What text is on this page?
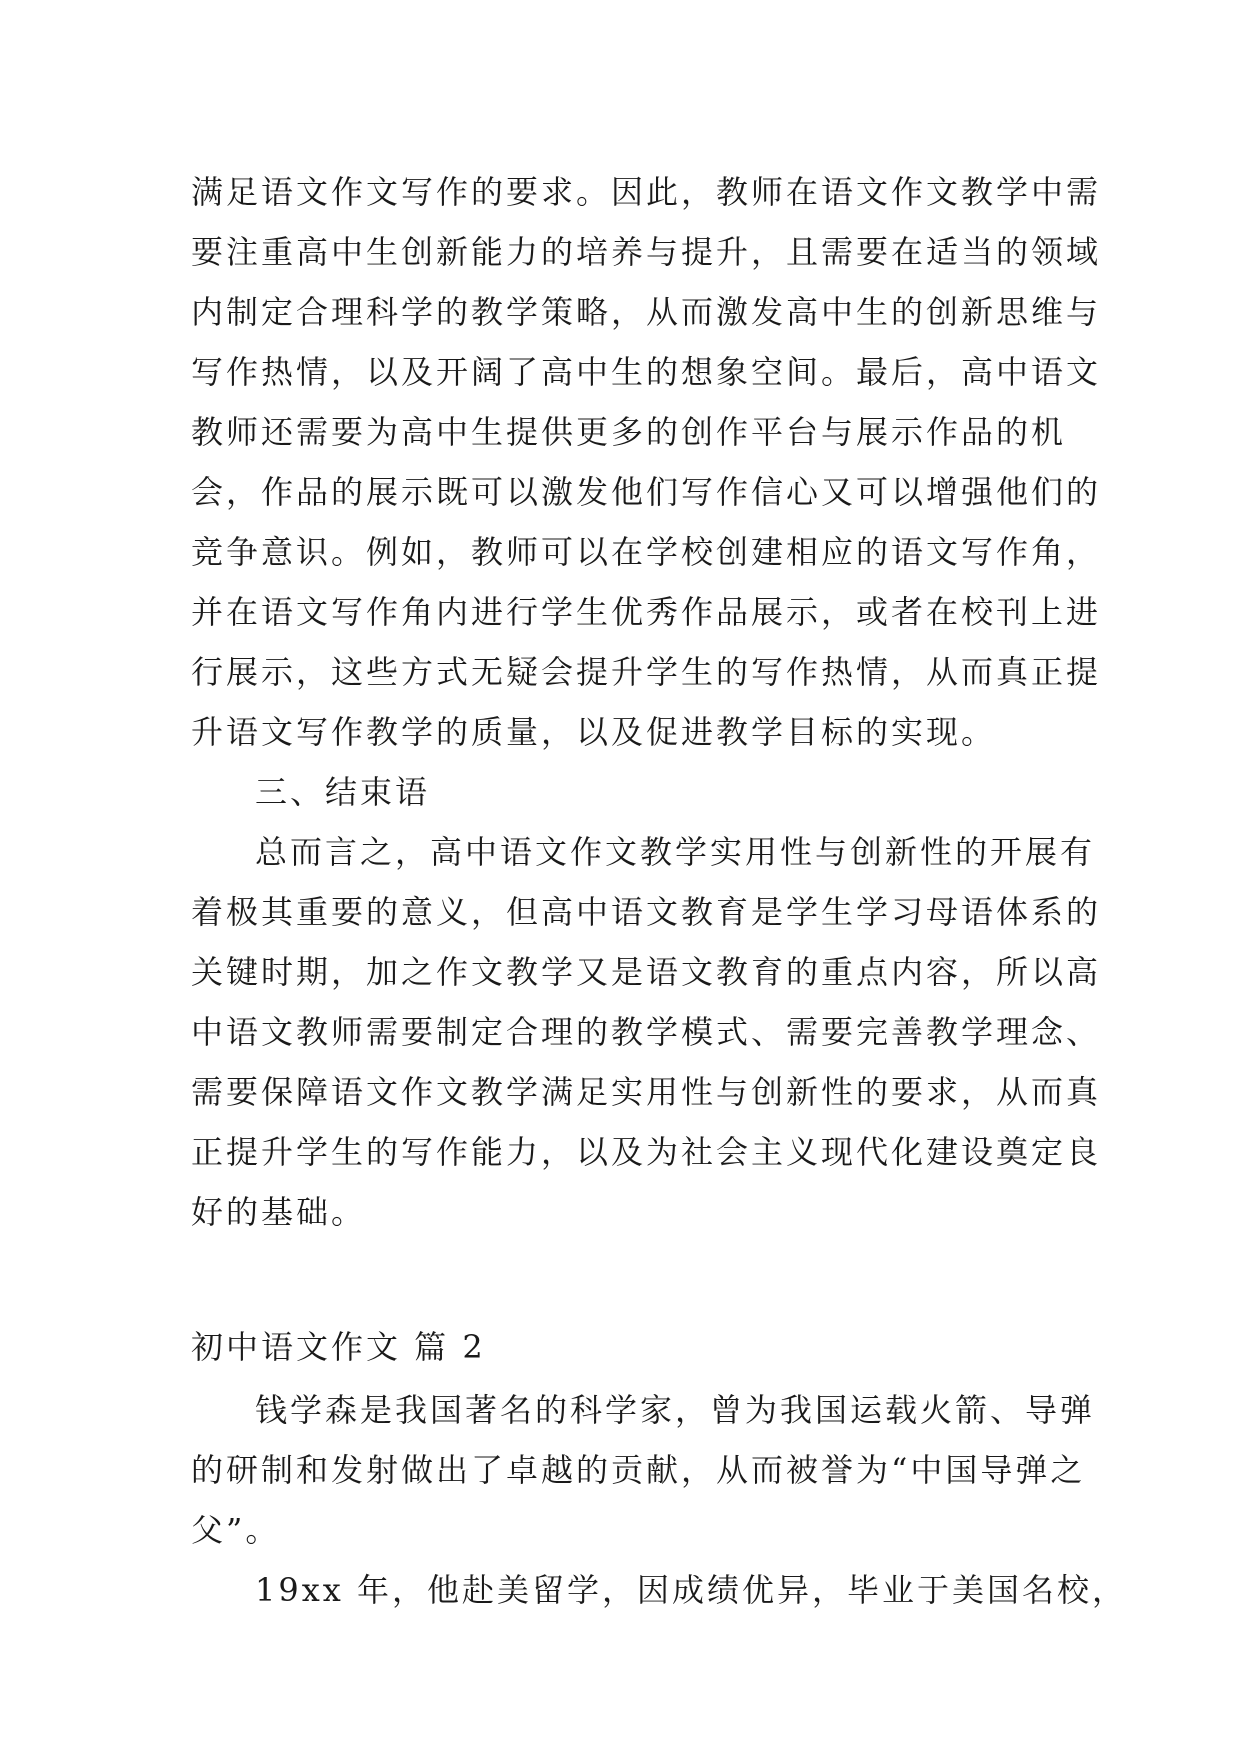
满足语文作文写作的要求。因此，教师在语文作文教学中需
要注重高中生创新能力的培养与提升，且需要在适当的领域
内制定合理科学的教学策略，从而激发高中生的创新思维与
写作热情，以及开阔了高中生的想象空间。最后，高中语文
教师还需要为高中生提供更多的创作平台与展示作品的机
会，作品的展示既可以激发他们写作信心又可以增强他们的
竞争意识。例如，教师可以在学校创建相应的语文写作角，
并在语文写作角内进行学生优秀作品展示，或者在校刊上进
行展示，这些方式无疑会提升学生的写作热情，从而真正提
升语文写作教学的质量，以及促进教学目标的实现。
三、结束语
总而言之，高中语文作文教学实用性与创新性的开展有
着极其重要的意义，但高中语文教育是学生学习母语体系的
关键时期，加之作文教学又是语文教育的重点内容，所以高
中语文教师需要制定合理的教学模式、需要完善教学理念、
需要保障语文作文教学满足实用性与创新性的要求，从而真
正提升学生的写作能力，以及为社会主义现代化建设奠定良
好的基础。
初中语文作文 篇 2
钱学森是我国著名的科学家，曾为我国运载火箭、导弹
的研制和发射做出了卓越的贡献，从而被誉为“中国导弹之
父”。
19xx 年，他赴美留学，因成绩优异，毕业于美国名校，
